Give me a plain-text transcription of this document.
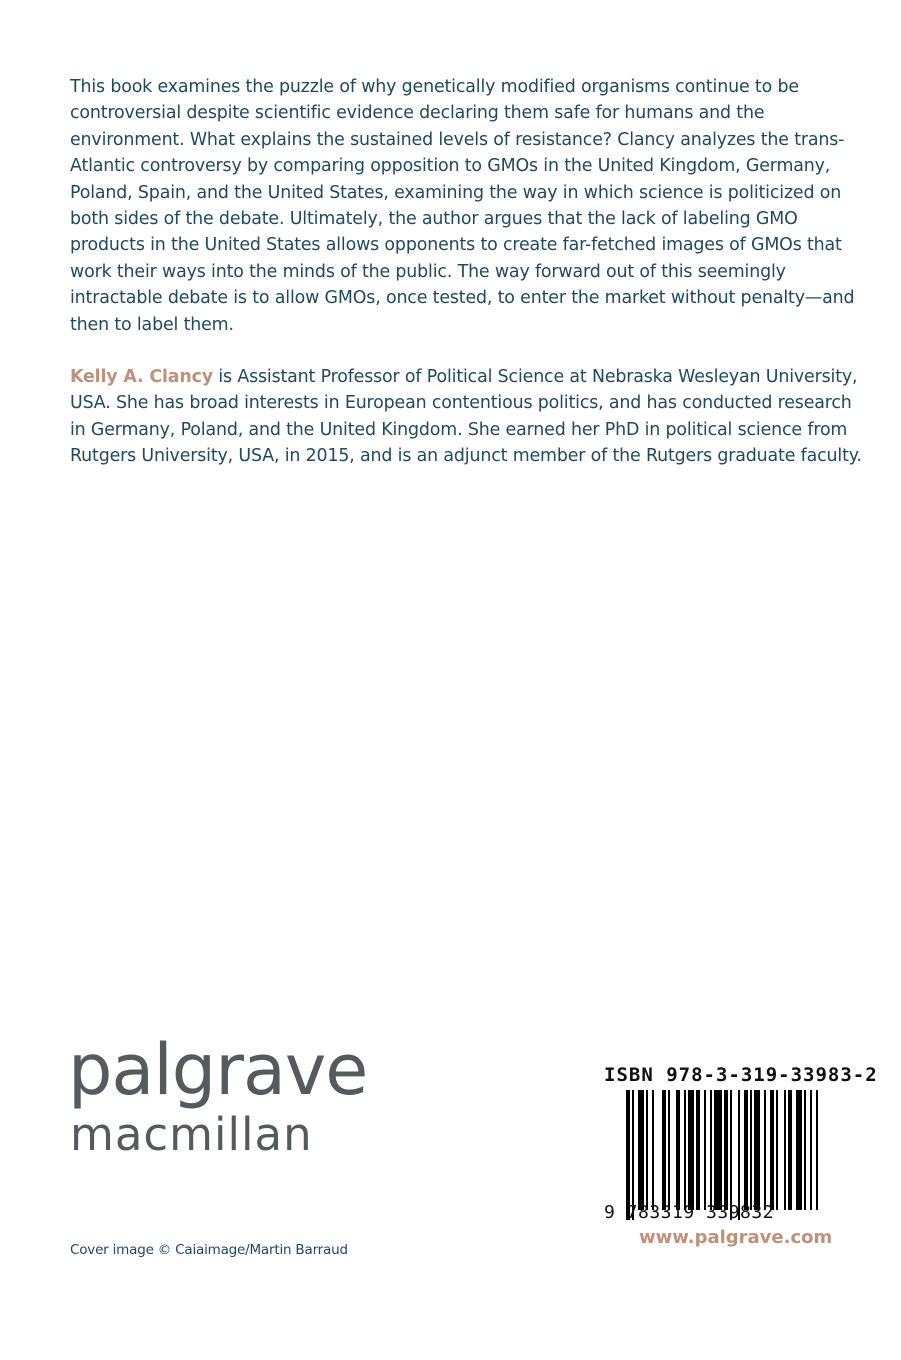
This book examines the puzzle of why genetically modified organisms continue to be controversial despite scientific evidence declaring them safe for humans and the environment. What explains the sustained levels of resistance? Clancy analyzes the trans-Atlantic controversy by comparing opposition to GMOs in the United Kingdom, Germany, Poland, Spain, and the United States, examining the way in which science is politicized on both sides of the debate. Ultimately, the author argues that the lack of labeling GMO products in the United States allows opponents to create far-fetched images of GMOs that work their ways into the minds of the public. The way forward out of this seemingly intractable debate is to allow GMOs, once tested, to enter the market without penalty—and then to label them.

Kelly A. Clancy is Assistant Professor of Political Science at Nebraska Wesleyan University, USA. She has broad interests in European contentious politics, and has conducted research in Germany, Poland, and the United Kingdom. She earned her PhD in political science from Rutgers University, USA, in 2015, and is an adjunct member of the Rutgers graduate faculty.

palgrave
macmillan
Cover image © Caiaimage/Martin Barraud
ISBN 978-3-319-33983-2
9 783319 339832
www.palgrave.com
